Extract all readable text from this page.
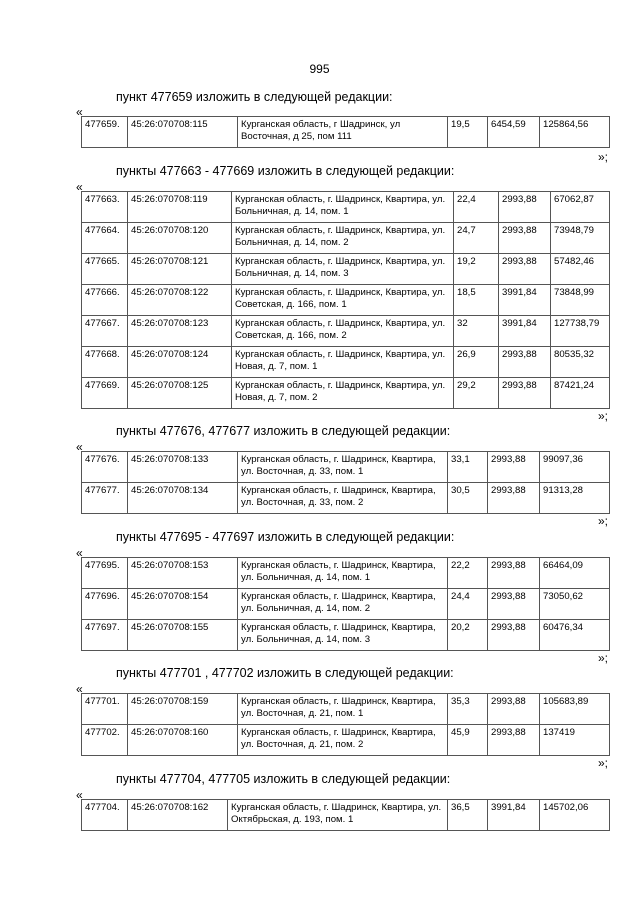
995
пункт 477659 изложить в следующей редакции:
«
477659.	45:26:070708:115	Курганская область, г Шадринск, ул Восточная, д 25, пом 111	19,5	6454,59	125864,56
»;
пункты 477663 - 477669 изложить в следующей редакции:
«
477663.	45:26:070708:119	Курганская область, г. Шадринск, Квартира, ул. Больничная, д. 14, пом. 1	22,4	2993,88	67062,87
477664.	45:26:070708:120	Курганская область, г. Шадринск, Квартира, ул. Больничная, д. 14, пом. 2	24,7	2993,88	73948,79
477665.	45:26:070708:121	Курганская область, г. Шадринск, Квартира, ул. Больничная, д. 14, пом. 3	19,2	2993,88	57482,46
477666.	45:26:070708:122	Курганская область, г. Шадринск, Квартира, ул. Советская, д. 166, пом. 1	18,5	3991,84	73848,99
477667.	45:26:070708:123	Курганская область, г. Шадринск, Квартира, ул. Советская, д. 166, пом. 2	32	3991,84	127738,79
477668.	45:26:070708:124	Курганская область, г. Шадринск, Квартира, ул. Новая, д. 7, пом. 1	26,9	2993,88	80535,32
477669.	45:26:070708:125	Курганская область, г. Шадринск, Квартира, ул. Новая, д. 7, пом. 2	29,2	2993,88	87421,24
»;
пункты 477676, 477677 изложить в следующей редакции:
«
477676.	45:26:070708:133	Курганская область, г. Шадринск, Квартира, ул. Восточная, д. 33, пом. 1	33,1	2993,88	99097,36
477677.	45:26:070708:134	Курганская область, г. Шадринск, Квартира, ул. Восточная, д. 33, пом. 2	30,5	2993,88	91313,28
»;
пункты 477695 - 477697 изложить в следующей редакции:
«
477695.	45:26:070708:153	Курганская область, г. Шадринск, Квартира, ул. Больничная, д. 14, пом. 1	22,2	2993,88	66464,09
477696.	45:26:070708:154	Курганская область, г. Шадринск, Квартира, ул. Больничная, д. 14, пом. 2	24,4	2993,88	73050,62
477697.	45:26:070708:155	Курганская область, г. Шадринск, Квартира, ул. Больничная, д. 14, пом. 3	20,2	2993,88	60476,34
»;
пункты 477701 , 477702 изложить в следующей редакции:
«
477701.	45:26:070708:159	Курганская область, г. Шадринск, Квартира, ул. Восточная, д. 21, пом. 1	35,3	2993,88	105683,89
477702.	45:26:070708:160	Курганская область, г. Шадринск, Квартира, ул. Восточная, д. 21, пом. 2	45,9	2993,88	137419
»;
пункты 477704, 477705 изложить в следующей редакции:
«
477704.	45:26:070708:162	Курганская область, г. Шадринск, Квартира, ул. Октябрьская, д. 193, пом. 1	36,5	3991,84	145702,06
